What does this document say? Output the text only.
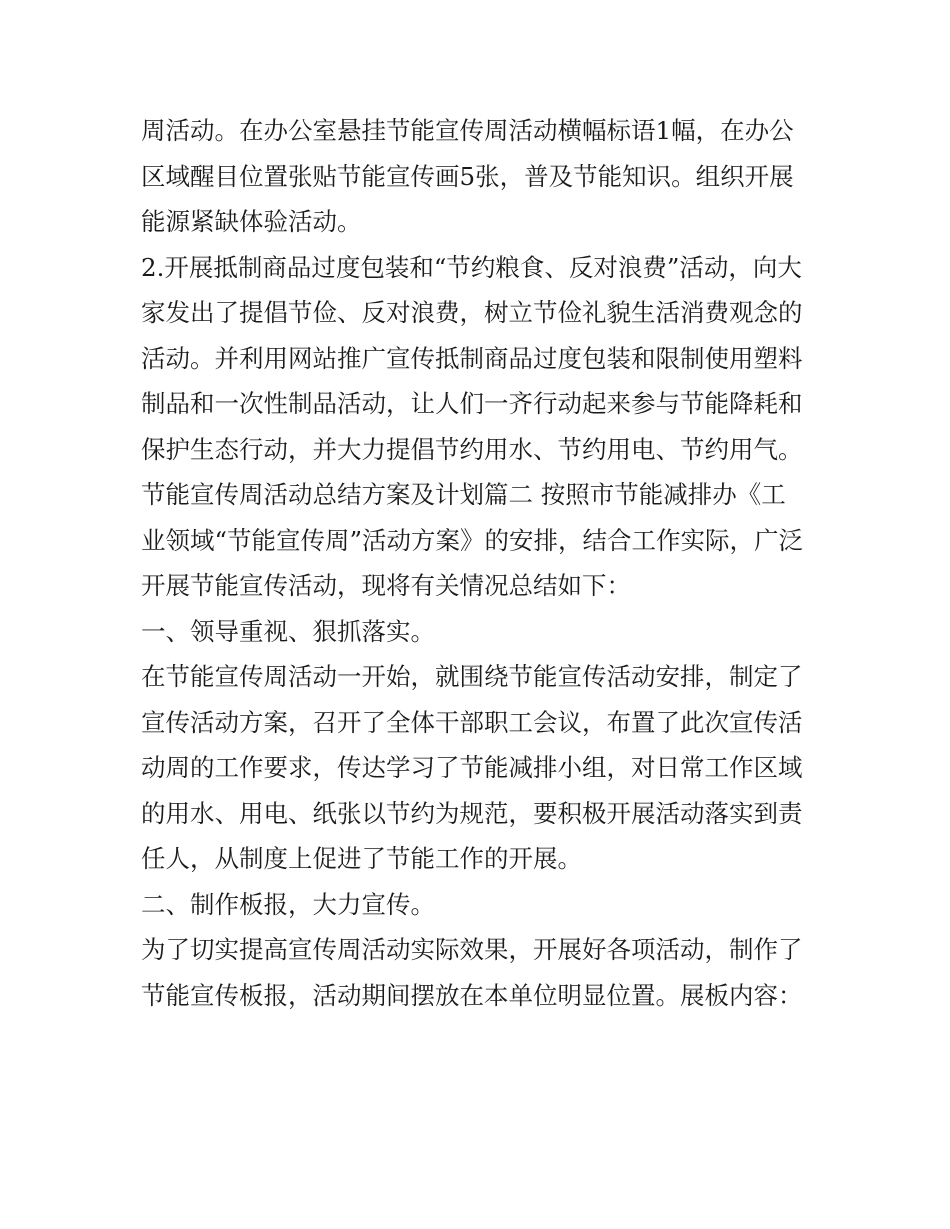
周活动。在办公室悬挂节能宣传周活动横幅标语1幅，在办公
区域醒目位置张贴节能宣传画5张，普及节能知识。组织开展
能源紧缺体验活动。
2.开展抵制商品过度包装和“节约粮食、反对浪费”活动，向大
家发出了提倡节俭、反对浪费，树立节俭礼貌生活消费观念的
活动。并利用网站推广宣传抵制商品过度包装和限制使用塑料
制品和一次性制品活动，让人们一齐行动起来参与节能降耗和
保护生态行动，并大力提倡节约用水、节约用电、节约用气。
节能宣传周活动总结方案及计划篇二 按照市节能减排办《工
业领域“节能宣传周”活动方案》的安排，结合工作实际，广泛
开展节能宣传活动，现将有关情况总结如下：
一、领导重视、狠抓落实。
在节能宣传周活动一开始，就围绕节能宣传活动安排，制定了
宣传活动方案，召开了全体干部职工会议，布置了此次宣传活
动周的工作要求，传达学习了节能减排小组，对日常工作区域
的用水、用电、纸张以节约为规范，要积极开展活动落实到责
任人，从制度上促进了节能工作的开展。
二、制作板报，大力宣传。
为了切实提高宣传周活动实际效果，开展好各项活动，制作了
节能宣传板报，活动期间摆放在本单位明显位置。展板内容：
